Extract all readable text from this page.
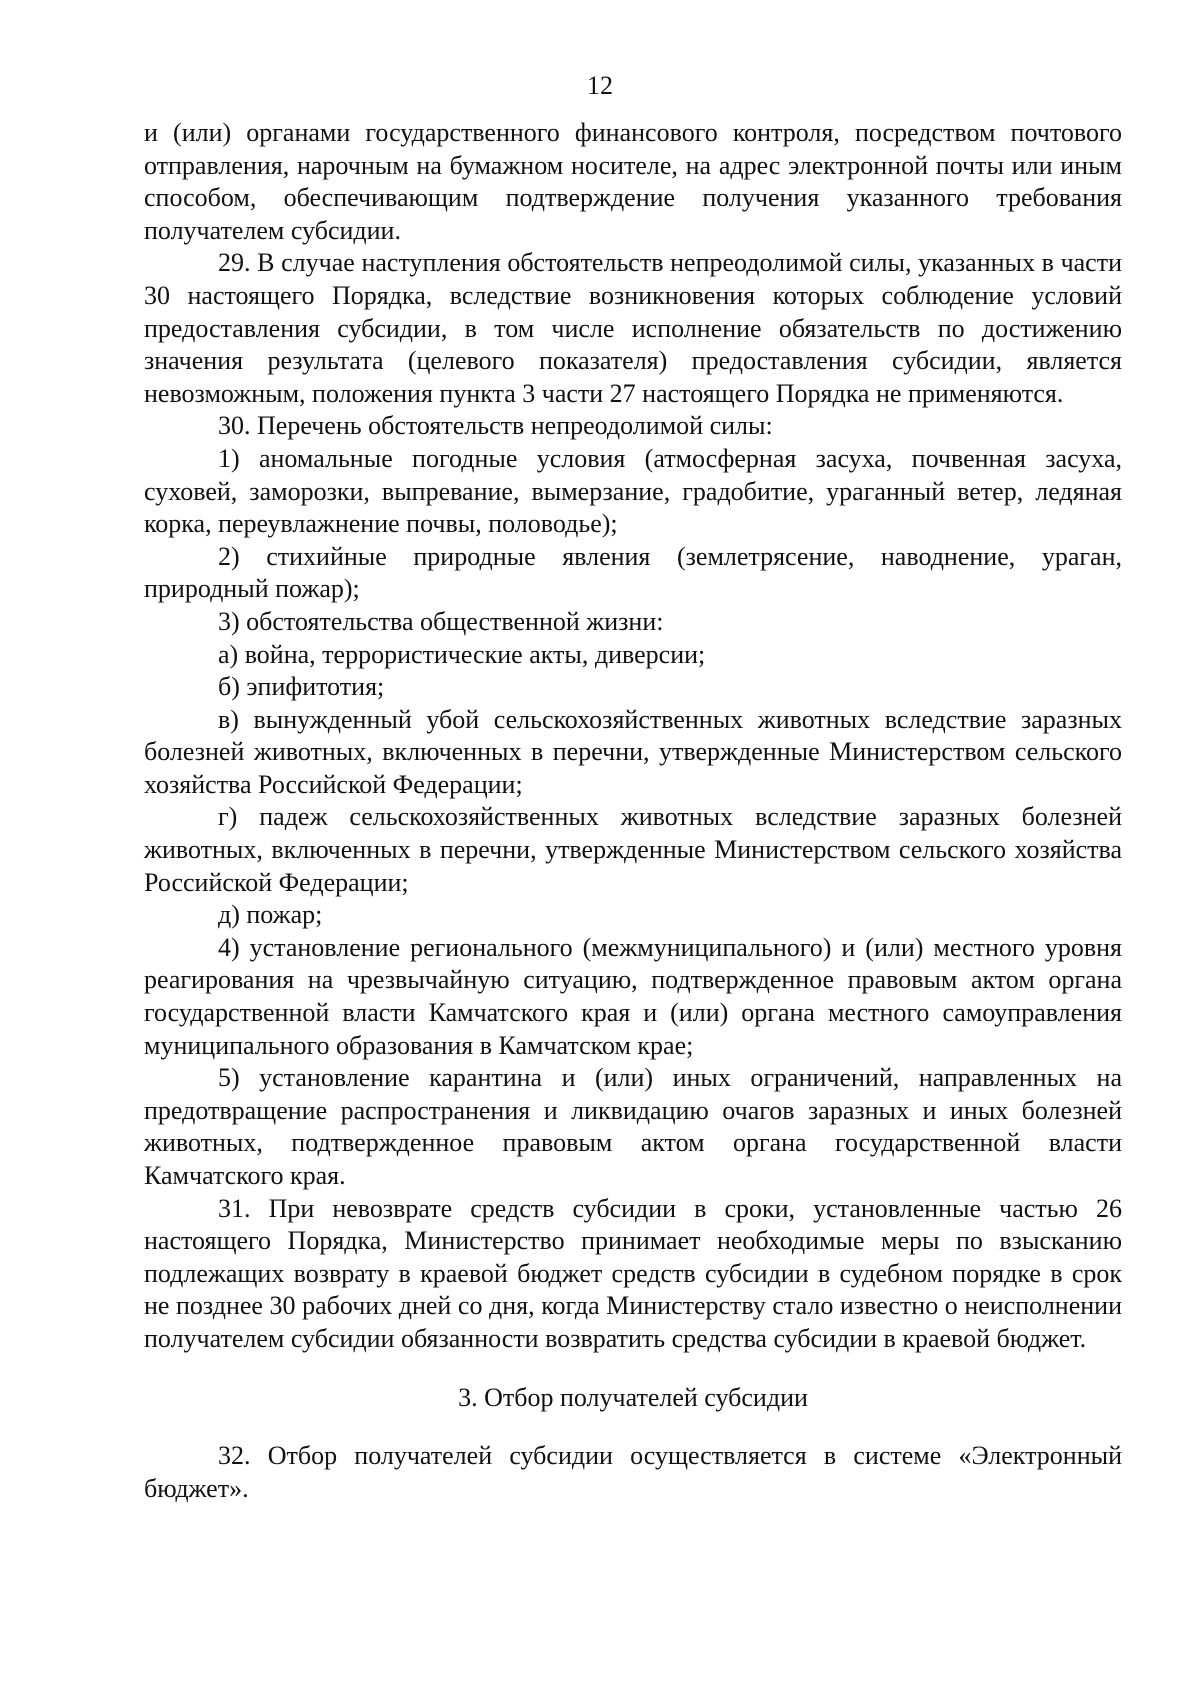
12

и (или) органами государственного финансового контроля, посредством почтового отправления, нарочным на бумажном носителе, на адрес электронной почты или иным способом, обеспечивающим подтверждение получения указанного требования получателем субсидии.

29. В случае наступления обстоятельств непреодолимой силы, указанных в части 30 настоящего Порядка, вследствие возникновения которых соблюдение условий предоставления субсидии, в том числе исполнение обязательств по достижению значения результата (целевого показателя) предоставления субсидии, является невозможным, положения пункта 3 части 27 настоящего Порядка не применяются.

30. Перечень обстоятельств непреодолимой силы:

1) аномальные погодные условия (атмосферная засуха, почвенная засуха, суховей, заморозки, выпревание, вымерзание, градобитие, ураганный ветер, ледяная корка, переувлажнение почвы, половодье);

2) стихийные природные явления (землетрясение, наводнение, ураган, природный пожар);

3) обстоятельства общественной жизни:

а) война, террористические акты, диверсии;

б) эпифитотия;

в) вынужденный убой сельскохозяйственных животных вследствие заразных болезней животных, включенных в перечни, утвержденные Министерством сельского хозяйства Российской Федерации;

г) падеж сельскохозяйственных животных вследствие заразных болезней животных, включенных в перечни, утвержденные Министерством сельского хозяйства Российской Федерации;

д) пожар;

4) установление регионального (межмуниципального) и (или) местного уровня реагирования на чрезвычайную ситуацию, подтвержденное правовым актом органа государственной власти Камчатского края и (или) органа местного самоуправления муниципального образования в Камчатском крае;

5) установление карантина и (или) иных ограничений, направленных на предотвращение распространения и ликвидацию очагов заразных и иных болезней животных, подтвержденное правовым актом органа государственной власти Камчатского края.

31. При невозврате средств субсидии в сроки, установленные частью 26 настоящего Порядка, Министерство принимает необходимые меры по взысканию подлежащих возврату в краевой бюджет средств субсидии в судебном порядке в срок не позднее 30 рабочих дней со дня, когда Министерству стало известно о неисполнении получателем субсидии обязанности возвратить средства субсидии в краевой бюджет.

3. Отбор получателей субсидии

32. Отбор получателей субсидии осуществляется в системе «Электронный бюджет».
